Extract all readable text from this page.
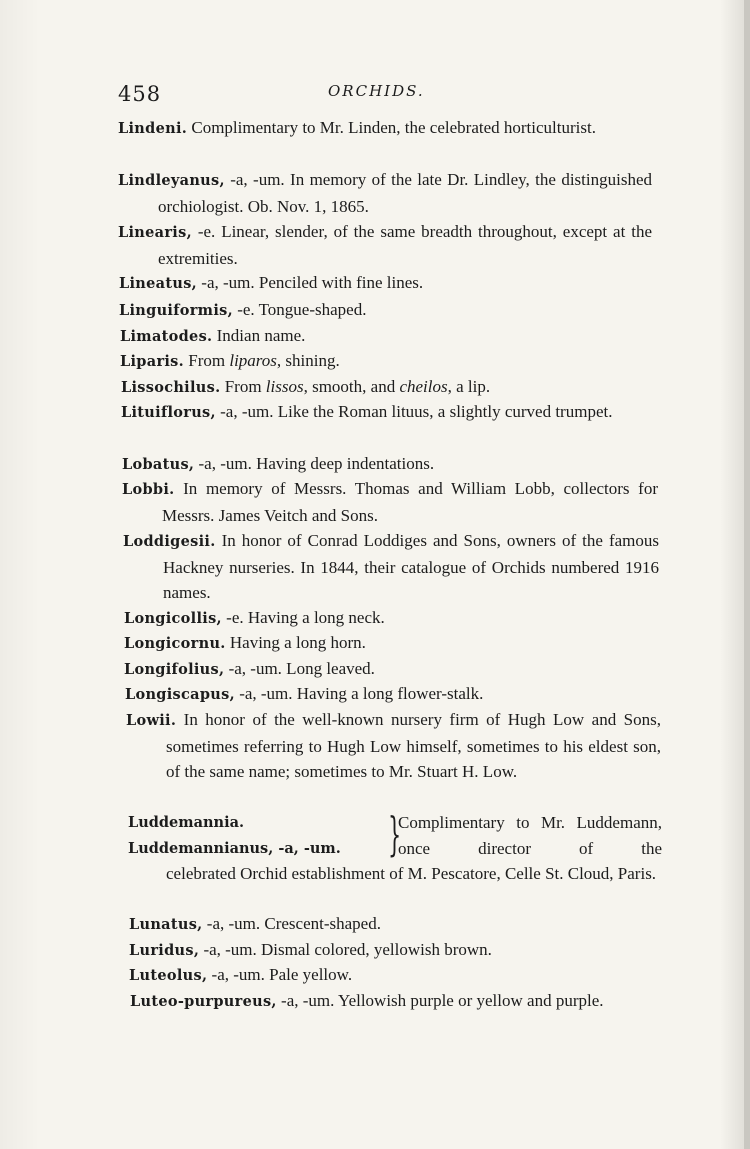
458	ORCHIDS.
Lindeni. Complimentary to Mr. Linden, the celebrated horticulturist.
Lindleyanus, -a, -um. In memory of the late Dr. Lindley, the distinguished orchiologist. Ob. Nov. 1, 1865.
Linearis, -e. Linear, slender, of the same breadth throughout, except at the extremities.
Lineatus, -a, -um. Penciled with fine lines.
Linguiformis, -e. Tongue-shaped.
Limatodes. Indian name.
Liparis. From liparos, shining.
Lissochilus. From lissos, smooth, and cheilos, a lip.
Lituiflorus, -a, -um. Like the Roman lituus, a slightly curved trumpet.
Lobatus, -a, -um. Having deep indentations.
Lobbi. In memory of Messrs. Thomas and William Lobb, collectors for Messrs. James Veitch and Sons.
Loddigesii. In honor of Conrad Loddiges and Sons, owners of the famous Hackney nurseries. In 1844, their catalogue of Orchids numbered 1916 names.
Longicollis, -e. Having a long neck.
Longicornu. Having a long horn.
Longifolius, -a, -um. Long leaved.
Longiscapus, -a, -um. Having a long flower-stalk.
Lowii. In honor of the well-known nursery firm of Hugh Low and Sons, sometimes referring to Hugh Low himself, sometimes to his eldest son, of the same name; sometimes to Mr. Stuart H. Low.
Lunatus, -a, -um. Crescent-shaped.
Luridus, -a, -um. Dismal colored, yellowish brown.
Luteolus, -a, -um. Pale yellow.
Luteo-purpureus, -a, -um. Yellowish purple or yellow and purple.
Luddemannia.
Luddemannianus, -a, -um.	}
Complimentary to Mr. Luddemann, once director of the
celebrated Orchid establishment of M. Pescatore, Celle St. Cloud, Paris.
